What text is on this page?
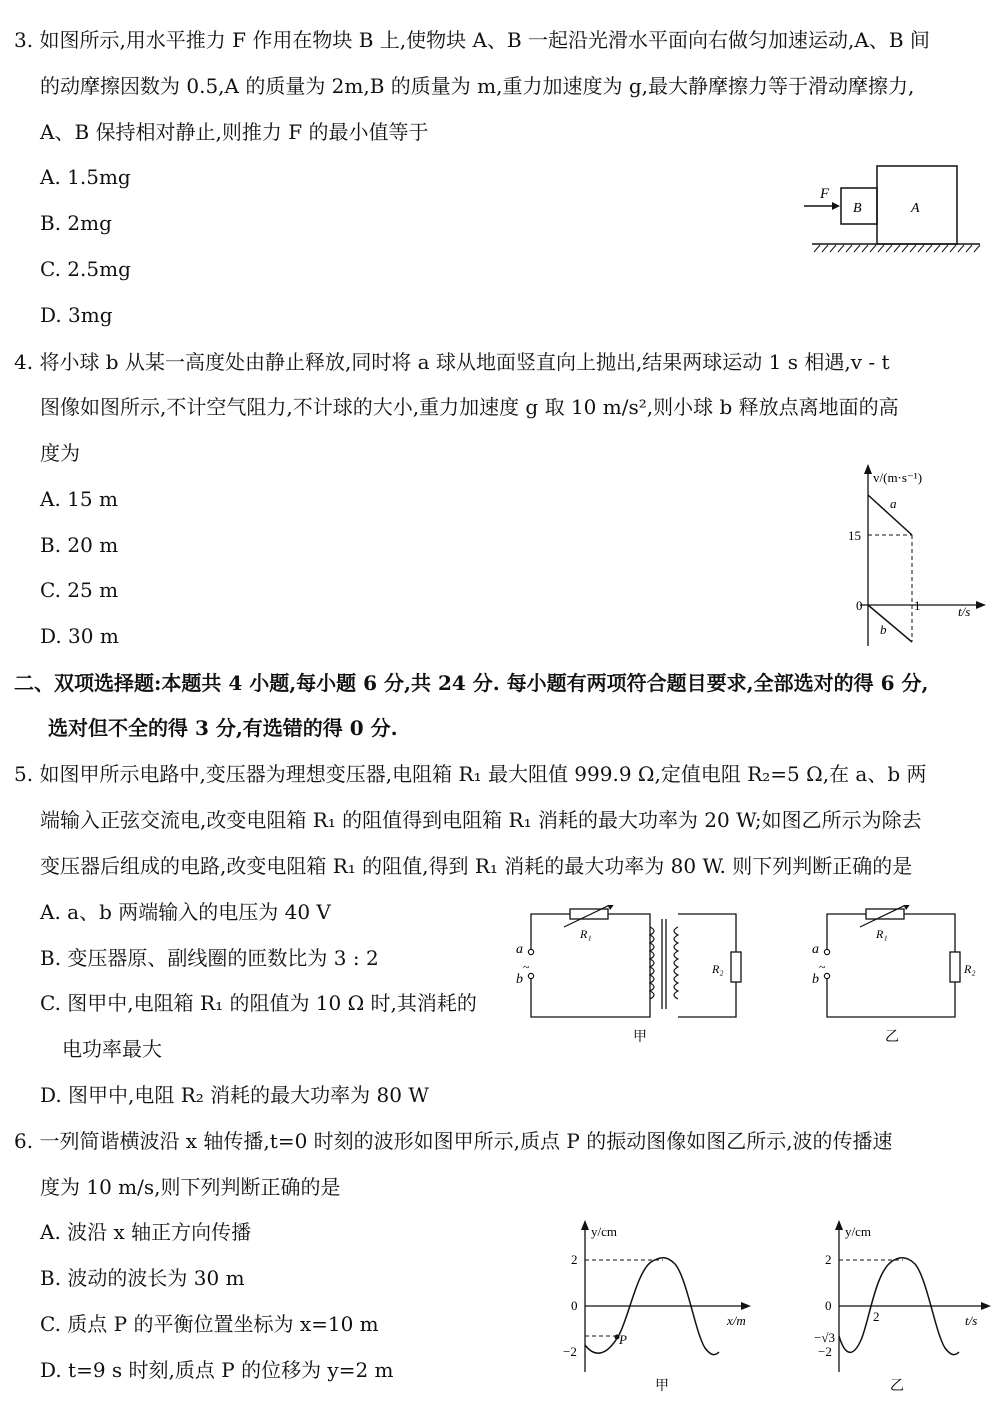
3. 如图所示,用水平推力 F 作用在物块 B 上,使物块 A、B 一起沿光滑水平面向右做匀加速运动,A、B 间
的动摩擦因数为 0.5,A 的质量为 2m,B 的质量为 m,重力加速度为 g,最大静摩擦力等于滑动摩擦力,
A、B 保持相对静止,则推力 F 的最小值等于
A. 1.5mg
B. 2mg
C. 2.5mg
D. 3mg
F
B	A
4. 将小球 b 从某一高度处由静止释放,同时将 a 球从地面竖直向上抛出,结果两球运动 1 s 相遇,v - t
图像如图所示,不计空气阻力,不计球的大小,重力加速度 g 取 10 m/s²,则小球 b 释放点离地面的高
度为
A. 15 m
B. 20 m
C. 25 m
D. 30 m
v/(m·s⁻¹)
t/s
15
0	1
a
b
二、双项选择题:本题共 4 小题,每小题 6 分,共 24 分. 每小题有两项符合题目要求,全部选对的得 6 分,
选对但不全的得 3 分,有选错的得 0 分.
5. 如图甲所示电路中,变压器为理想变压器,电阻箱 R₁ 最大阻值 999.9 Ω,定值电阻 R₂=5 Ω,在 a、b 两
端输入正弦交流电,改变电阻箱 R₁ 的阻值得到电阻箱 R₁ 消耗的最大功率为 20 W;如图乙所示为除去
变压器后组成的电路,改变电阻箱 R₁ 的阻值,得到 R₁ 消耗的最大功率为 80 W. 则下列判断正确的是
A. a、b 两端输入的电压为 40 V
B. 变压器原、副线圈的匝数比为 3 : 2
C. 图甲中,电阻箱 R₁ 的阻值为 10 Ω 时,其消耗的
电功率最大
D. 图甲中,电阻 R₂ 消耗的最大功率为 80 W
a
b
~
R₁
R₂
甲
a
b
~
R₁
R₂
乙
6. 一列简谐横波沿 x 轴传播,t=0 时刻的波形如图甲所示,质点 P 的振动图像如图乙所示,波的传播速
度为 10 m/s,则下列判断正确的是
A. 波沿 x 轴正方向传播
B. 波动的波长为 30 m
C. 质点 P 的平衡位置坐标为 x=10 m
D. t=9 s 时刻,质点 P 的位移为 y=2 m
y/cm
x/m
2
0
−2
P
甲
y/cm
t/s
2
0
−√3
−2
2
乙
